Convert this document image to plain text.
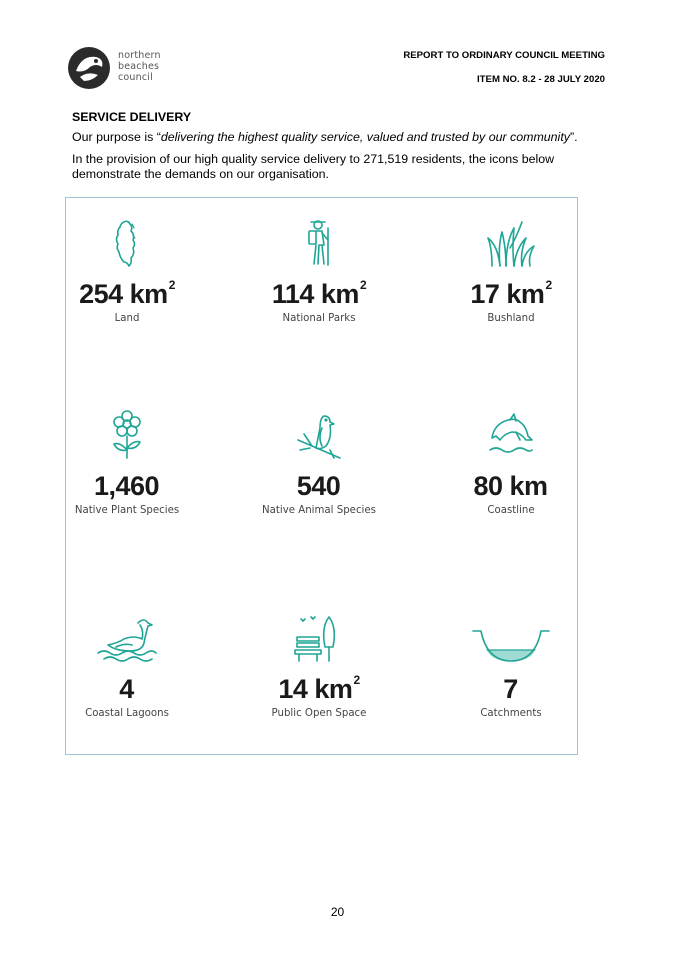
northern
beaches
council
REPORT TO ORDINARY COUNCIL MEETING
ITEM NO. 8.2 - 28 JULY 2020
SERVICE DELIVERY
Our purpose is “delivering the highest quality service, valued and trusted by our community”.
In the provision of our high quality service delivery to 271,519 residents, the icons below demonstrate the demands on our organisation.
254 $km^2$
Land
114 $km^2$
National Parks
17 $km^2$
Bushland
1,460
Native Plant Species
540
Native Animal Species
80 km
Coastline
4
Coastal Lagoons
14 $km^2$
Public Open Space
7
Catchments
20
